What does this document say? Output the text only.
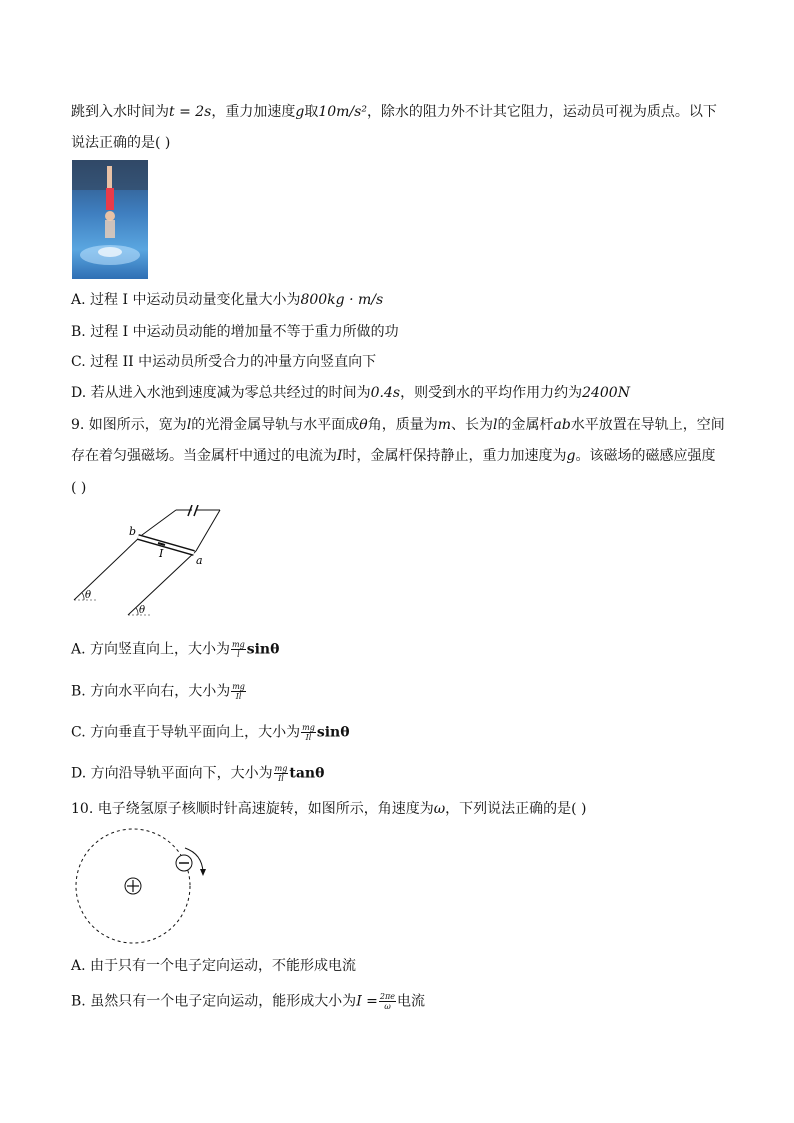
跳到入水时间为t = 2s，重力加速度g取10m/s²，除水的阻力外不计其它阻力，运动员可视为质点。以下
说法正确的是( )
A. 过程 I 中运动员动量变化量大小为800kg · m/s
B. 过程 I 中运动员动能的增加量不等于重力所做的功
C. 过程 II 中运动员所受合力的冲量方向竖直向下
D. 若从进入水池到速度减为零总共经过的时间为0.4s，则受到水的平均作用力约为2400N
9. 如图所示，宽为l的光滑金属导轨与水平面成θ角，质量为m、长为l的金属杆ab水平放置在导轨上，空间
存在着匀强磁场。当金属杆中通过的电流为I时，金属杆保持静止，重力加速度为g。该磁场的磁感应强度
( )
b
a
I
θ
θ
A. 方向竖直向上，大小为 $\frac{mg}{l}$ sinθ
B. 方向水平向右，大小为 $\frac{mg}{Il}$
C. 方向垂直于导轨平面向上，大小为 $\frac{mg}{Il}$ sinθ
D. 方向沿导轨平面向下，大小为 $\frac{mg}{Il}$ tanθ
10. 电子绕氢原子核顺时针高速旋转，如图所示，角速度为ω，下列说法正确的是( )
A. 由于只有一个电子定向运动，不能形成电流
B. 虽然只有一个电子定向运动，能形成大小为$I = \frac{2\pi e}{\omega}$ 电流
